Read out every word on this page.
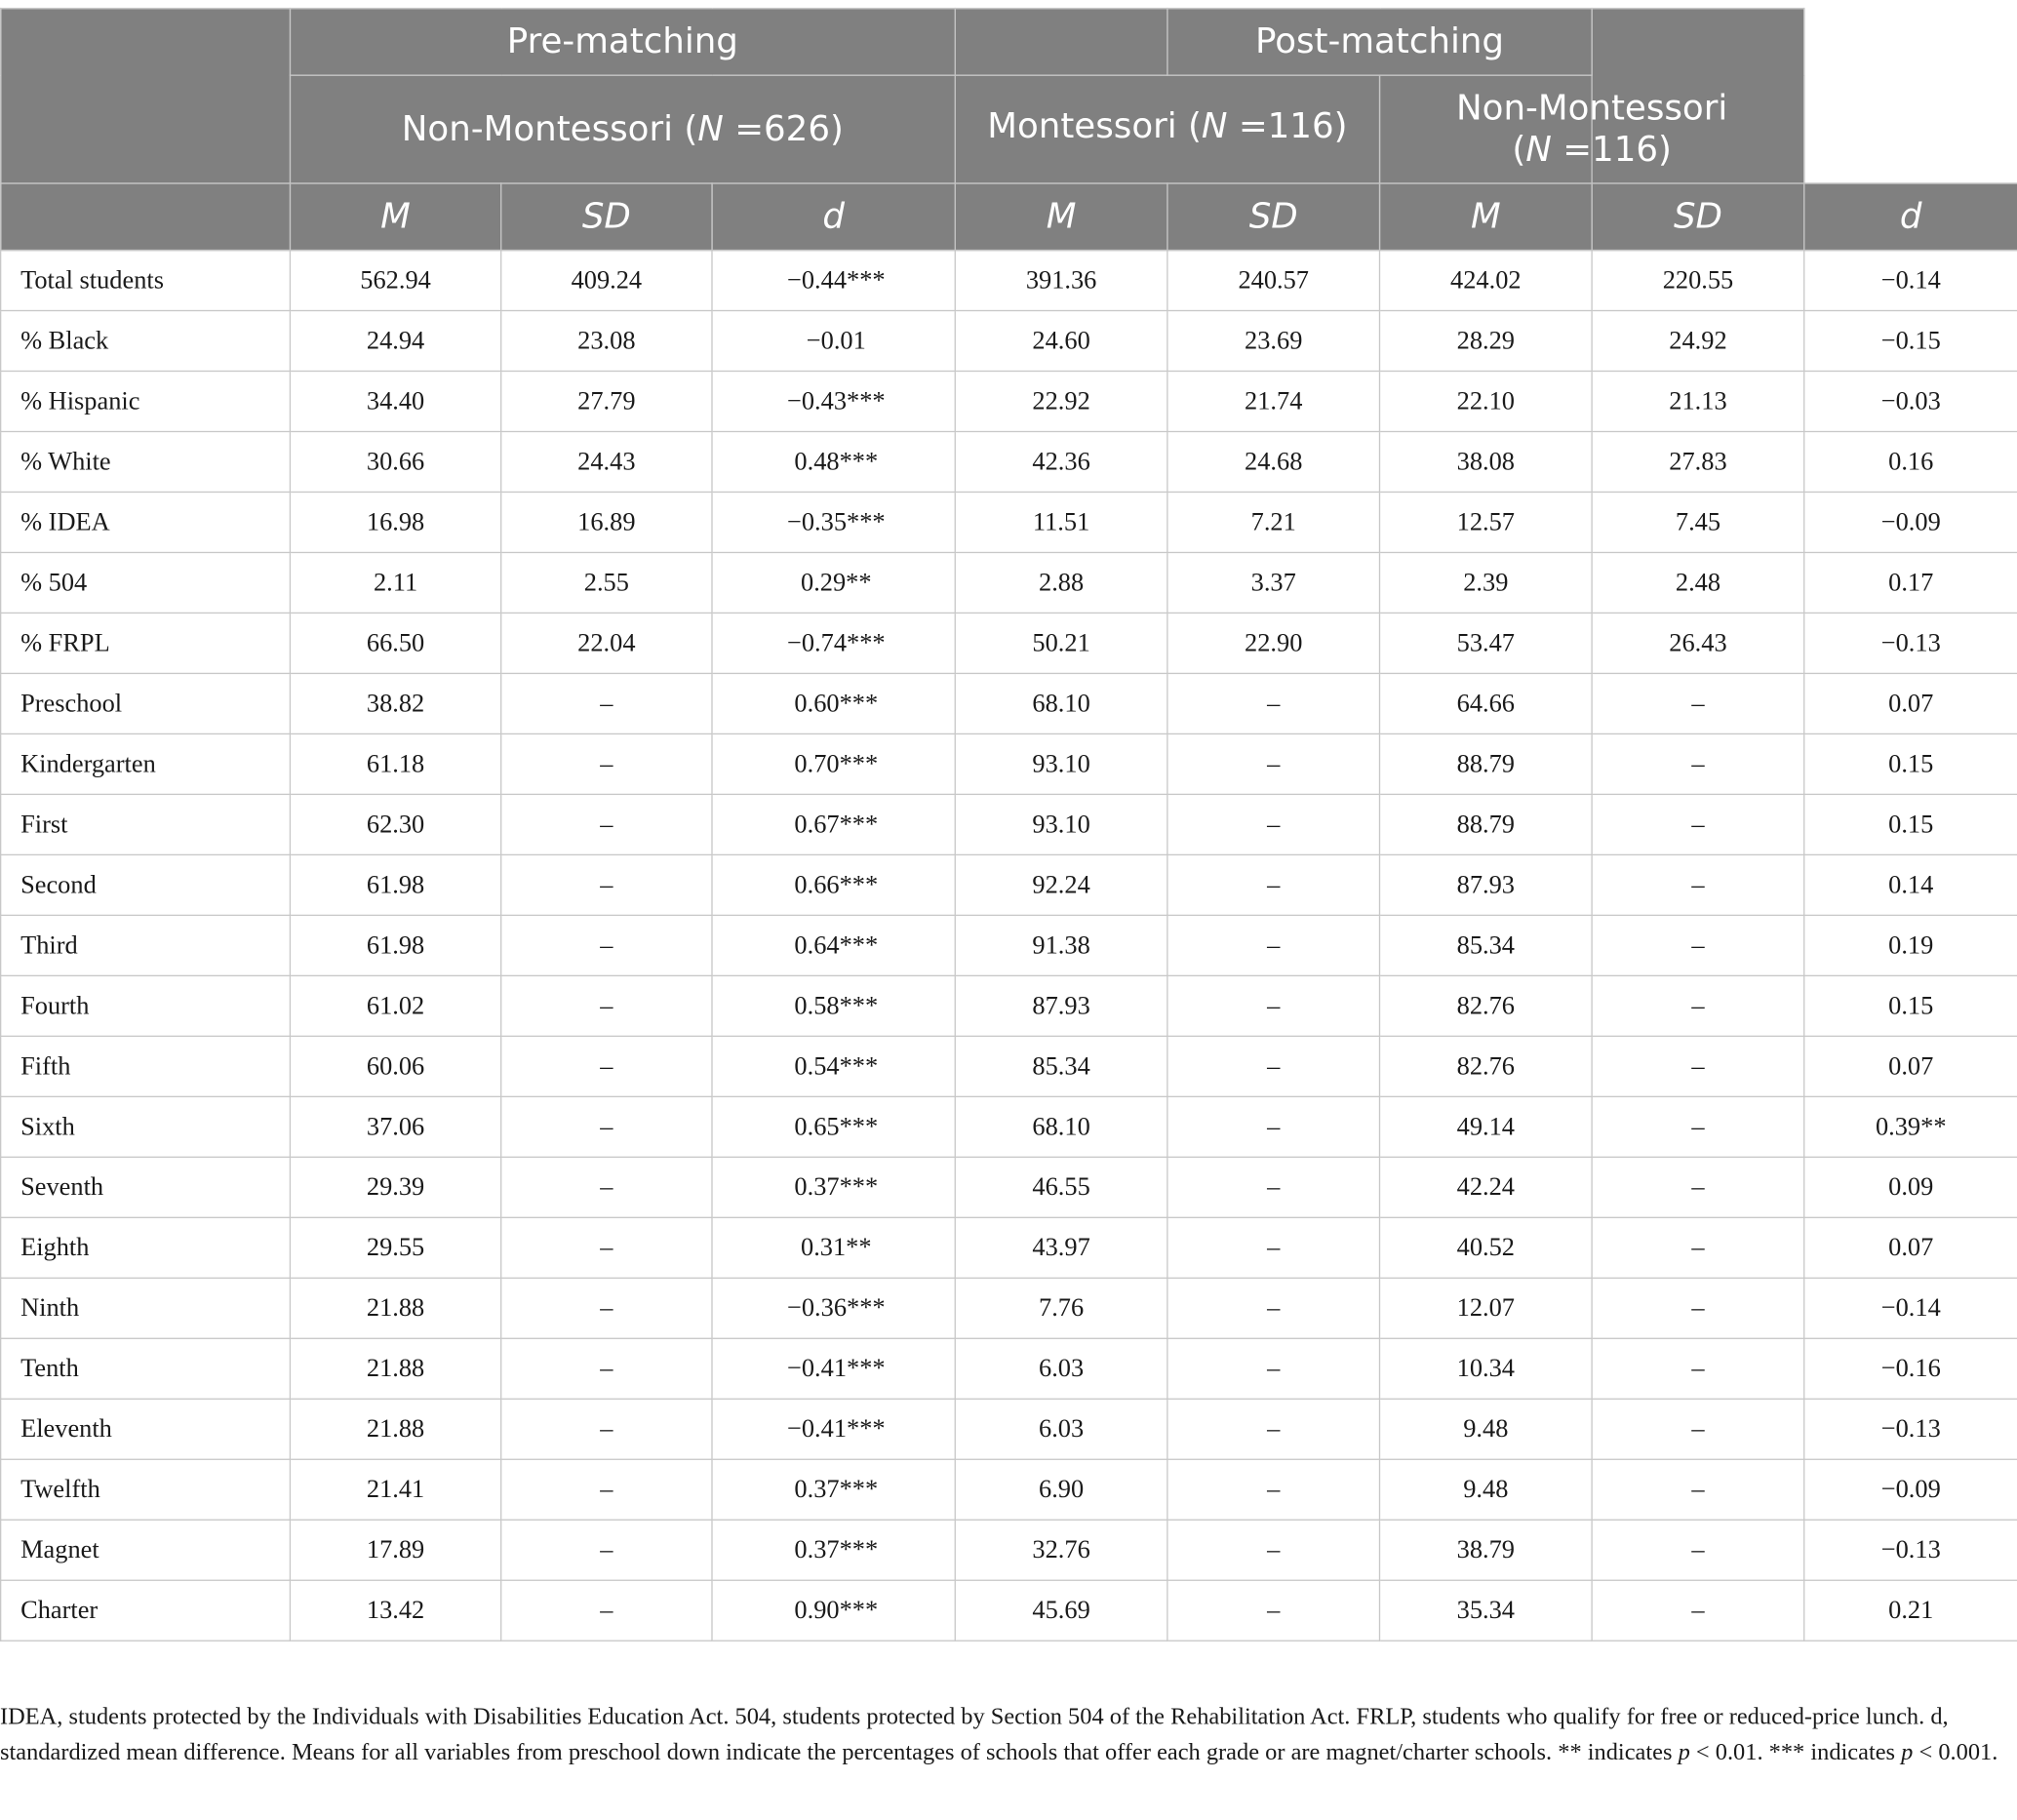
	Pre-matching				Post-matching			
	Non-Montessori (N =626)			Montessori (N =116)		Non-Montessori
(N =116)		
	M	SD	d	M	SD	M	SD	d
Total students	562.94	409.24	−0.44***	391.36	240.57	424.02	220.55	−0.14
% Black	24.94	23.08	−0.01	24.60	23.69	28.29	24.92	−0.15
% Hispanic	34.40	27.79	−0.43***	22.92	21.74	22.10	21.13	−0.03
% White	30.66	24.43	0.48***	42.36	24.68	38.08	27.83	0.16
% IDEA	16.98	16.89	−0.35***	11.51	7.21	12.57	7.45	−0.09
% 504	2.11	2.55	0.29**	2.88	3.37	2.39	2.48	0.17
% FRPL	66.50	22.04	−0.74***	50.21	22.90	53.47	26.43	−0.13
Preschool	38.82	–	0.60***	68.10	–	64.66	–	0.07
Kindergarten	61.18	–	0.70***	93.10	–	88.79	–	0.15
First	62.30	–	0.67***	93.10	–	88.79	–	0.15
Second	61.98	–	0.66***	92.24	–	87.93	–	0.14
Third	61.98	–	0.64***	91.38	–	85.34	–	0.19
Fourth	61.02	–	0.58***	87.93	–	82.76	–	0.15
Fifth	60.06	–	0.54***	85.34	–	82.76	–	0.07
Sixth	37.06	–	0.65***	68.10	–	49.14	–	0.39**
Seventh	29.39	–	0.37***	46.55	–	42.24	–	0.09
Eighth	29.55	–	0.31**	43.97	–	40.52	–	0.07
Ninth	21.88	–	−0.36***	7.76	–	12.07	–	−0.14
Tenth	21.88	–	−0.41***	6.03	–	10.34	–	−0.16
Eleventh	21.88	–	−0.41***	6.03	–	9.48	–	−0.13
Twelfth	21.41	–	0.37***	6.90	–	9.48	–	−0.09
Magnet	17.89	–	0.37***	32.76	–	38.79	–	−0.13
Charter	13.42	–	0.90***	45.69	–	35.34	–	0.21
IDEA, students protected by the Individuals with Disabilities Education Act. 504, students protected by Section 504 of the Rehabilitation Act. FRLP, students who qualify for free or reduced-price lunch. d, standardized mean difference. Means for all variables from preschool down indicate the percentages of schools that offer each grade or are magnet/charter schools. ** indicates p < 0.01. *** indicates p < 0.001.
